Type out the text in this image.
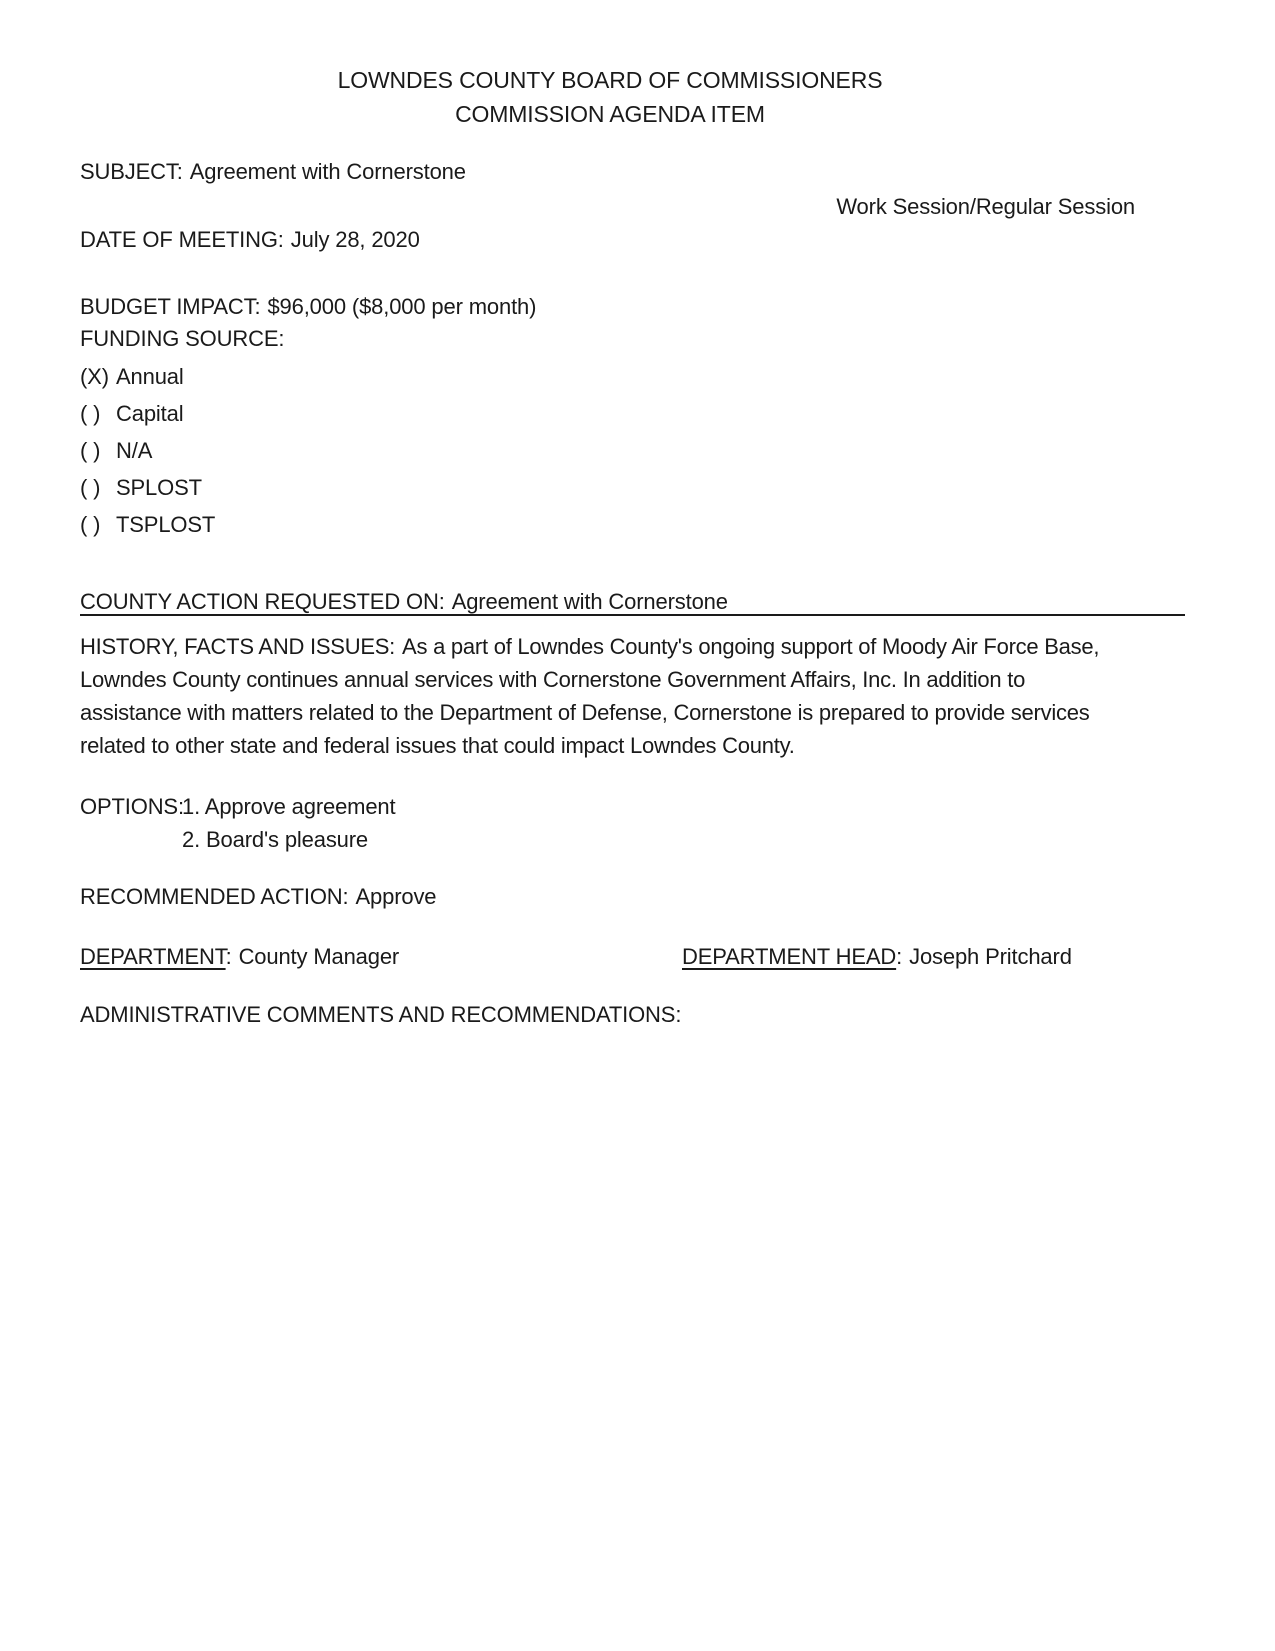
LOWNDES COUNTY BOARD OF COMMISSIONERS
COMMISSION AGENDA ITEM
SUBJECT: Agreement with Cornerstone
Work Session/Regular Session
DATE OF MEETING: July 28, 2020
BUDGET IMPACT: $96,000 ($8,000 per month)
FUNDING SOURCE:
(X) Annual
( ) Capital
( ) N/A
( ) SPLOST
( ) TSPLOST
COUNTY ACTION REQUESTED ON: Agreement with Cornerstone
HISTORY, FACTS AND ISSUES: As a part of Lowndes County's ongoing support of Moody Air Force Base,
Lowndes County continues annual services with Cornerstone Government Affairs, Inc. In addition to
assistance with matters related to the Department of Defense, Cornerstone is prepared to provide services
related to other state and federal issues that could impact Lowndes County.
OPTIONS:
1. Approve agreement
2. Board's pleasure
RECOMMENDED ACTION: Approve
DEPARTMENT: County Manager	DEPARTMENT HEAD: Joseph Pritchard
ADMINISTRATIVE COMMENTS AND RECOMMENDATIONS:
